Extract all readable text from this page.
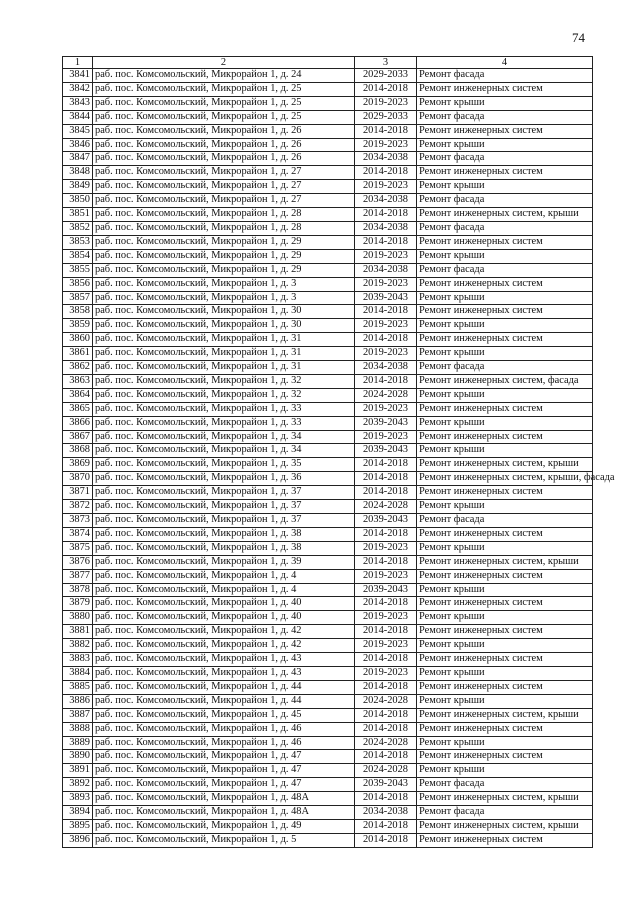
74
1	2	3	4
3841	раб. пос. Комсомольский, Микрорайон 1, д. 24	2029-2033	Ремонт фасада
3842	раб. пос. Комсомольский, Микрорайон 1, д. 25	2014-2018	Ремонт инженерных систем
3843	раб. пос. Комсомольский, Микрорайон 1, д. 25	2019-2023	Ремонт крыши
3844	раб. пос. Комсомольский, Микрорайон 1, д. 25	2029-2033	Ремонт фасада
3845	раб. пос. Комсомольский, Микрорайон 1, д. 26	2014-2018	Ремонт инженерных систем
3846	раб. пос. Комсомольский, Микрорайон 1, д. 26	2019-2023	Ремонт крыши
3847	раб. пос. Комсомольский, Микрорайон 1, д. 26	2034-2038	Ремонт фасада
3848	раб. пос. Комсомольский, Микрорайон 1, д. 27	2014-2018	Ремонт инженерных систем
3849	раб. пос. Комсомольский, Микрорайон 1, д. 27	2019-2023	Ремонт крыши
3850	раб. пос. Комсомольский, Микрорайон 1, д. 27	2034-2038	Ремонт фасада
3851	раб. пос. Комсомольский, Микрорайон 1, д. 28	2014-2018	Ремонт инженерных систем, крыши
3852	раб. пос. Комсомольский, Микрорайон 1, д. 28	2034-2038	Ремонт фасада
3853	раб. пос. Комсомольский, Микрорайон 1, д. 29	2014-2018	Ремонт инженерных систем
3854	раб. пос. Комсомольский, Микрорайон 1, д. 29	2019-2023	Ремонт крыши
3855	раб. пос. Комсомольский, Микрорайон 1, д. 29	2034-2038	Ремонт фасада
3856	раб. пос. Комсомольский, Микрорайон 1, д. 3	2019-2023	Ремонт инженерных систем
3857	раб. пос. Комсомольский, Микрорайон 1, д. 3	2039-2043	Ремонт крыши
3858	раб. пос. Комсомольский, Микрорайон 1, д. 30	2014-2018	Ремонт инженерных систем
3859	раб. пос. Комсомольский, Микрорайон 1, д. 30	2019-2023	Ремонт крыши
3860	раб. пос. Комсомольский, Микрорайон 1, д. 31	2014-2018	Ремонт инженерных систем
3861	раб. пос. Комсомольский, Микрорайон 1, д. 31	2019-2023	Ремонт крыши
3862	раб. пос. Комсомольский, Микрорайон 1, д. 31	2034-2038	Ремонт фасада
3863	раб. пос. Комсомольский, Микрорайон 1, д. 32	2014-2018	Ремонт инженерных систем, фасада
3864	раб. пос. Комсомольский, Микрорайон 1, д. 32	2024-2028	Ремонт крыши
3865	раб. пос. Комсомольский, Микрорайон 1, д. 33	2019-2023	Ремонт инженерных систем
3866	раб. пос. Комсомольский, Микрорайон 1, д. 33	2039-2043	Ремонт крыши
3867	раб. пос. Комсомольский, Микрорайон 1, д. 34	2019-2023	Ремонт инженерных систем
3868	раб. пос. Комсомольский, Микрорайон 1, д. 34	2039-2043	Ремонт крыши
3869	раб. пос. Комсомольский, Микрорайон 1, д. 35	2014-2018	Ремонт инженерных систем, крыши
3870	раб. пос. Комсомольский, Микрорайон 1, д. 36	2014-2018	Ремонт инженерных систем, крыши, фасада
3871	раб. пос. Комсомольский, Микрорайон 1, д. 37	2014-2018	Ремонт инженерных систем
3872	раб. пос. Комсомольский, Микрорайон 1, д. 37	2024-2028	Ремонт крыши
3873	раб. пос. Комсомольский, Микрорайон 1, д. 37	2039-2043	Ремонт фасада
3874	раб. пос. Комсомольский, Микрорайон 1, д. 38	2014-2018	Ремонт инженерных систем
3875	раб. пос. Комсомольский, Микрорайон 1, д. 38	2019-2023	Ремонт крыши
3876	раб. пос. Комсомольский, Микрорайон 1, д. 39	2014-2018	Ремонт инженерных систем, крыши
3877	раб. пос. Комсомольский, Микрорайон 1, д. 4	2019-2023	Ремонт инженерных систем
3878	раб. пос. Комсомольский, Микрорайон 1, д. 4	2039-2043	Ремонт крыши
3879	раб. пос. Комсомольский, Микрорайон 1, д. 40	2014-2018	Ремонт инженерных систем
3880	раб. пос. Комсомольский, Микрорайон 1, д. 40	2019-2023	Ремонт крыши
3881	раб. пос. Комсомольский, Микрорайон 1, д. 42	2014-2018	Ремонт инженерных систем
3882	раб. пос. Комсомольский, Микрорайон 1, д. 42	2019-2023	Ремонт крыши
3883	раб. пос. Комсомольский, Микрорайон 1, д. 43	2014-2018	Ремонт инженерных систем
3884	раб. пос. Комсомольский, Микрорайон 1, д. 43	2019-2023	Ремонт крыши
3885	раб. пос. Комсомольский, Микрорайон 1, д. 44	2014-2018	Ремонт инженерных систем
3886	раб. пос. Комсомольский, Микрорайон 1, д. 44	2024-2028	Ремонт крыши
3887	раб. пос. Комсомольский, Микрорайон 1, д. 45	2014-2018	Ремонт инженерных систем, крыши
3888	раб. пос. Комсомольский, Микрорайон 1, д. 46	2014-2018	Ремонт инженерных систем
3889	раб. пос. Комсомольский, Микрорайон 1, д. 46	2024-2028	Ремонт крыши
3890	раб. пос. Комсомольский, Микрорайон 1, д. 47	2014-2018	Ремонт инженерных систем
3891	раб. пос. Комсомольский, Микрорайон 1, д. 47	2024-2028	Ремонт крыши
3892	раб. пос. Комсомольский, Микрорайон 1, д. 47	2039-2043	Ремонт фасада
3893	раб. пос. Комсомольский, Микрорайон 1, д. 48А	2014-2018	Ремонт инженерных систем, крыши
3894	раб. пос. Комсомольский, Микрорайон 1, д. 48А	2034-2038	Ремонт фасада
3895	раб. пос. Комсомольский, Микрорайон 1, д. 49	2014-2018	Ремонт инженерных систем, крыши
3896	раб. пос. Комсомольский, Микрорайон 1, д. 5	2014-2018	Ремонт инженерных систем
